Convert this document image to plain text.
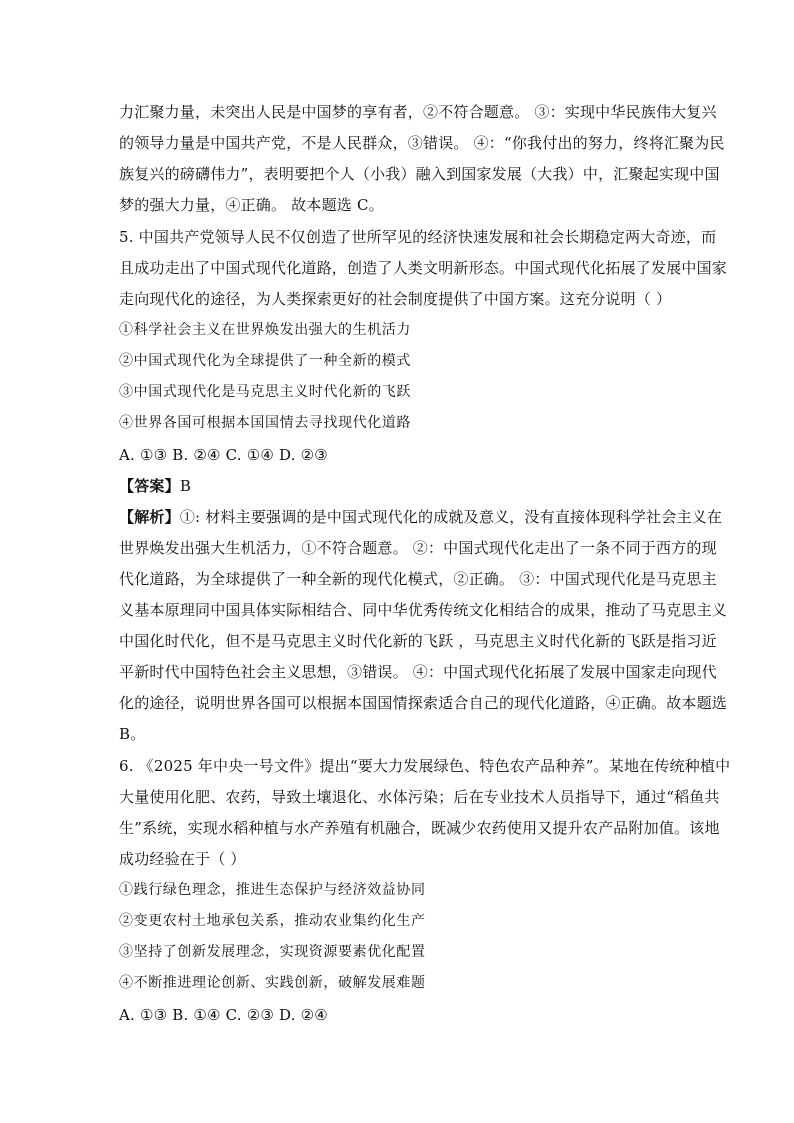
力汇聚力量，未突出人民是中国梦的享有者，②不符合题意。 ③：实现中华民族伟大复兴
的领导力量是中国共产党，不是人民群众，③错误。 ④：“你我付出的努力，终将汇聚为民
族复兴的磅礴伟力”，表明要把个人（小我）融入到国家发展（大我）中，汇聚起实现中国
梦的强大力量，④正确。 故本题选 C。
5. 中国共产党领导人民不仅创造了世所罕见的经济快速发展和社会长期稳定两大奇迹，而
且成功走出了中国式现代化道路，创造了人类文明新形态。中国式现代化拓展了发展中国家
走向现代化的途径，为人类探索更好的社会制度提供了中国方案。这充分说明（ ）
①科学社会主义在世界焕发出强大的生机活力
②中国式现代化为全球提供了一种全新的模式
③中国式现代化是马克思主义时代化新的飞跃
④世界各国可根据本国国情去寻找现代化道路
A. ①③ B. ②④ C. ①④ D. ②③
【答案】B
【解析】①: 材料主要强调的是中国式现代化的成就及意义，没有直接体现科学社会主义在
世界焕发出强大生机活力，①不符合题意。 ②：中国式现代化走出了一条不同于西方的现
代化道路，为全球提供了一种全新的现代化模式，②正确。 ③：中国式现代化是马克思主
义基本原理同中国具体实际相结合、同中华优秀传统文化相结合的成果，推动了马克思主义
中国化时代化，但不是马克思主义时代化新的飞跃 ，马克思主义时代化新的飞跃是指习近
平新时代中国特色社会主义思想，③错误。 ④：中国式现代化拓展了发展中国家走向现代
化的途径，说明世界各国可以根据本国国情探索适合自己的现代化道路，④正确。故本题选
B。
6. 《2025 年中央一号文件》提出“要大力发展绿色、特色农产品种养”。某地在传统种植中
大量使用化肥、农药，导致土壤退化、水体污染；后在专业技术人员指导下，通过“稻鱼共
生”系统，实现水稻种植与水产养殖有机融合，既减少农药使用又提升农产品附加值。该地
成功经验在于（ ）
①践行绿色理念，推进生态保护与经济效益协同
②变更农村土地承包关系，推动农业集约化生产
③坚持了创新发展理念，实现资源要素优化配置
④不断推进理论创新、实践创新，破解发展难题
A. ①③ B. ①④ C. ②③ D. ②④
